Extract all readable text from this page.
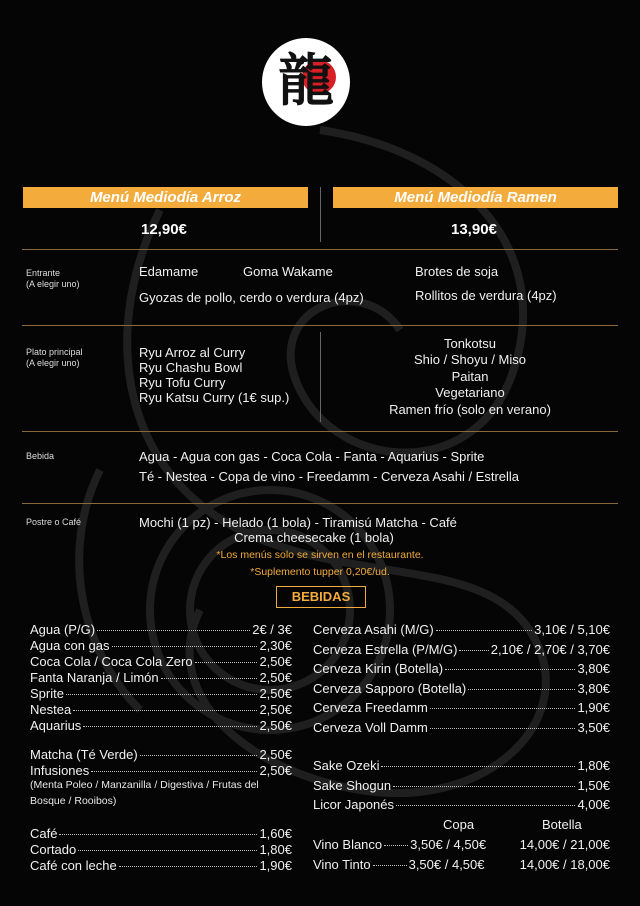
龍
Menú Mediodía Arroz	Menú Mediodía Ramen
12,90€	13,90€
Entrante
(A elegir uno)
Edamame	Goma Wakame
Gyozas de pollo, cerdo o verdura (4pz)
Brotes de soja
Rollitos de verdura (4pz)
Plato principal
(A elegir uno)
Ryu Arroz al Curry
Ryu Chashu Bowl
Ryu Tofu Curry
Ryu Katsu Curry (1€ sup.)
Tonkotsu
Shio / Shoyu / Miso
Paitan
Vegetariano
Ramen frío (solo en verano)
Bebida	Agua - Agua con gas - Coca Cola - Fanta - Aquarius - Sprite
Té - Nestea - Copa de vino - Freedamm - Cerveza Asahi / Estrella
Postre o Café	Mochi (1 pz) - Helado (1 bola) - Tiramisú Matcha - Café
Crema cheesecake (1 bola)
*Los menús solo se sirven en el restaurante.
*Suplemento tupper 0,20€/ud.
BEBIDAS
Agua (P/G)	2€ / 3€
Agua con gas	2,30€
Coca Cola / Coca Cola Zero	2,50€
Fanta Naranja / Limón	2,50€
Sprite	2,50€
Nestea	2,50€
Aquarius	2,50€
Matcha (Té Verde)	2,50€
Infusiones	2,50€
(Menta Poleo / Manzanilla / Digestiva / Frutas del
Bosque / Rooibos)
Café	1,60€
Cortado	1,80€
Café con leche	1,90€
Cerveza Asahi (M/G)	3,10€ / 5,10€
Cerveza Estrella (P/M/G)	2,10€ / 2,70€ / 3,70€
Cerveza Kirin (Botella)	3,80€
Cerveza Sapporo (Botella)	3,80€
Cerveza Freedamm	1,90€
Cerveza Voll Damm	3,50€
Sake Ozeki	1,80€
Sake Shogun	1,50€
Licor Japonés	4,00€
Copa	Botella
Vino Blanco 3,50€ / 4,50€	14,00€ / 21,00€
Vino Tinto	3,50€ / 4,50€	14,00€ / 18,00€
